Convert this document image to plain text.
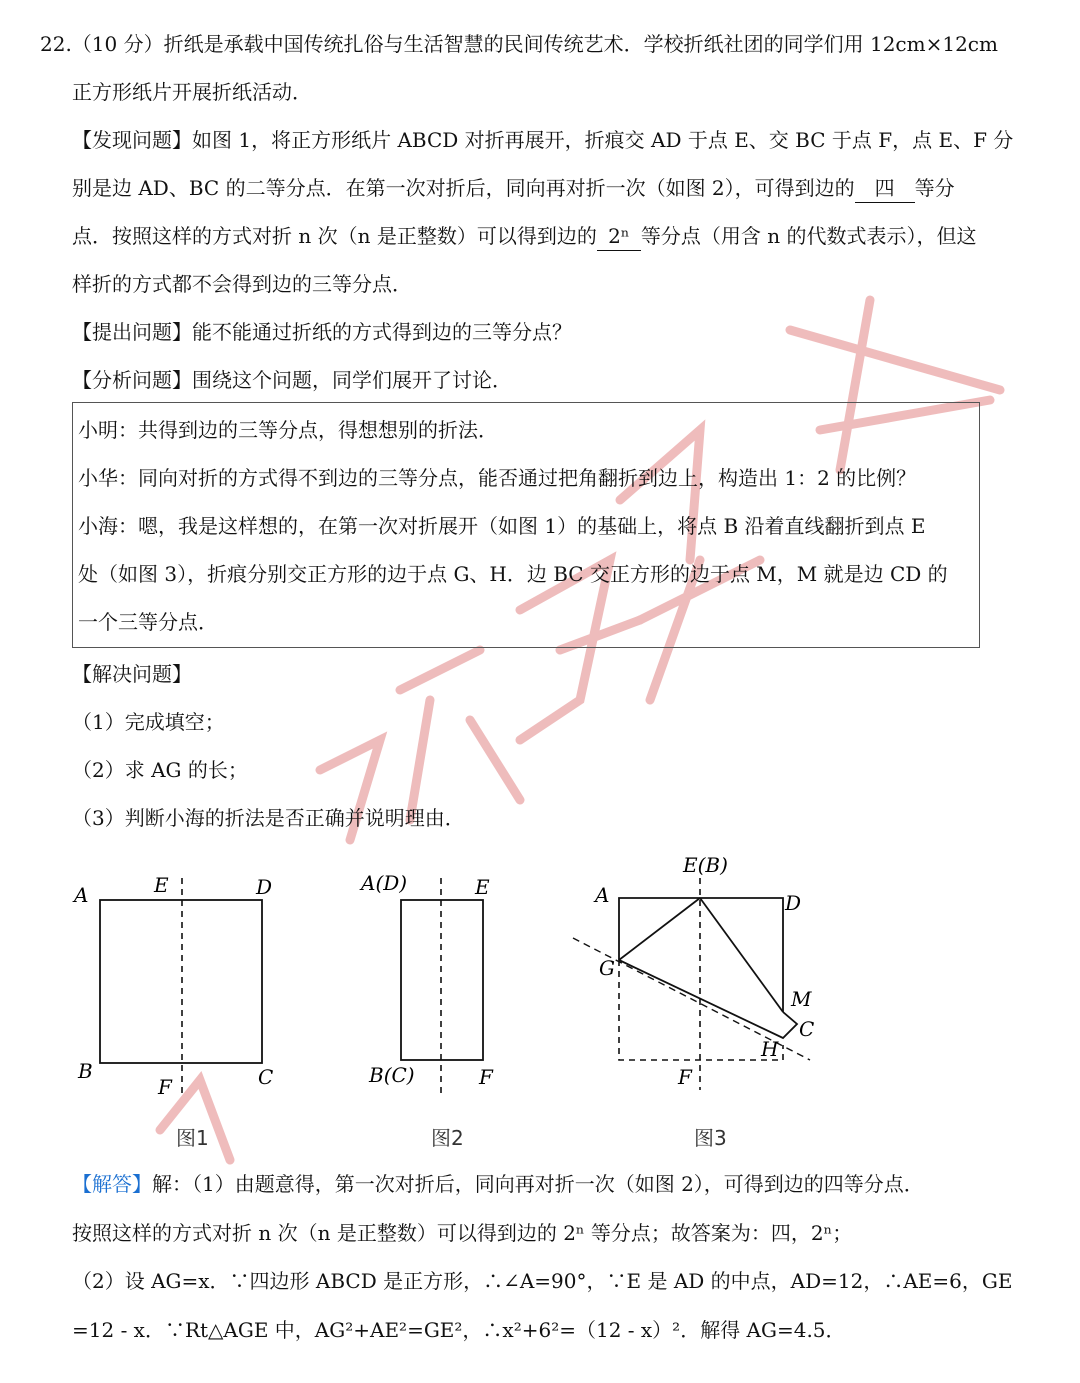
22.（10 分）折纸是承载中国传统扎俗与生活智慧的民间传统艺术．学校折纸社团的同学们用 12cm×12cm
正方形纸片开展折纸活动．
【发现问题】如图 1，将正方形纸片 ABCD 对折再展开，折痕交 AD 于点 E、交 BC 于点 F，点 E、F 分
别是边 AD、BC 的二等分点．在第一次对折后，同向再对折一次（如图 2），可得到边的 四 等分
点．按照这样的方式对折 n 次（n 是正整数）可以得到边的 2ⁿ 等分点（用含 n 的代数式表示），但这
样折的方式都不会得到边的三等分点．
【提出问题】能不能通过折纸的方式得到边的三等分点？
【分析问题】围绕这个问题，同学们展开了讨论．
小明：共得到边的三等分点，得想想别的折法．
小华：同向对折的方式得不到边的三等分点，能否通过把角翻折到边上，构造出 1：2 的比例？
小海：嗯，我是这样想的，在第一次对折展开（如图 1）的基础上，将点 B 沿着直线翻折到点 E
处（如图 3），折痕分别交正方形的边于点 G、H．边 BC 交正方形的边于点 M，M 就是边 CD 的
一个三等分点．
【解决问题】
（1）完成填空；
（2）求 AG 的长；
（3）判断小海的折法是否正确并说明理由．
A	E	D
B
F	C
图1
A(D)	E
B(C)	F
图2
E(B)
A	D
G
M
C
H
F
图3
【解答】解：（1）由题意得，第一次对折后，同向再对折一次（如图 2），可得到边的四等分点．
按照这样的方式对折 n 次（n 是正整数）可以得到边的 2ⁿ 等分点；故答案为：四，2ⁿ；
（2）设 AG=x．∵四边形 ABCD 是正方形，∴∠A=90°，∵E 是 AD 的中点，AD=12，∴AE=6，GE
=12 - x．∵Rt△AGE 中，AG²+AE²=GE²，∴x²+6²=（12 - x）²．解得 AG=4.5．
